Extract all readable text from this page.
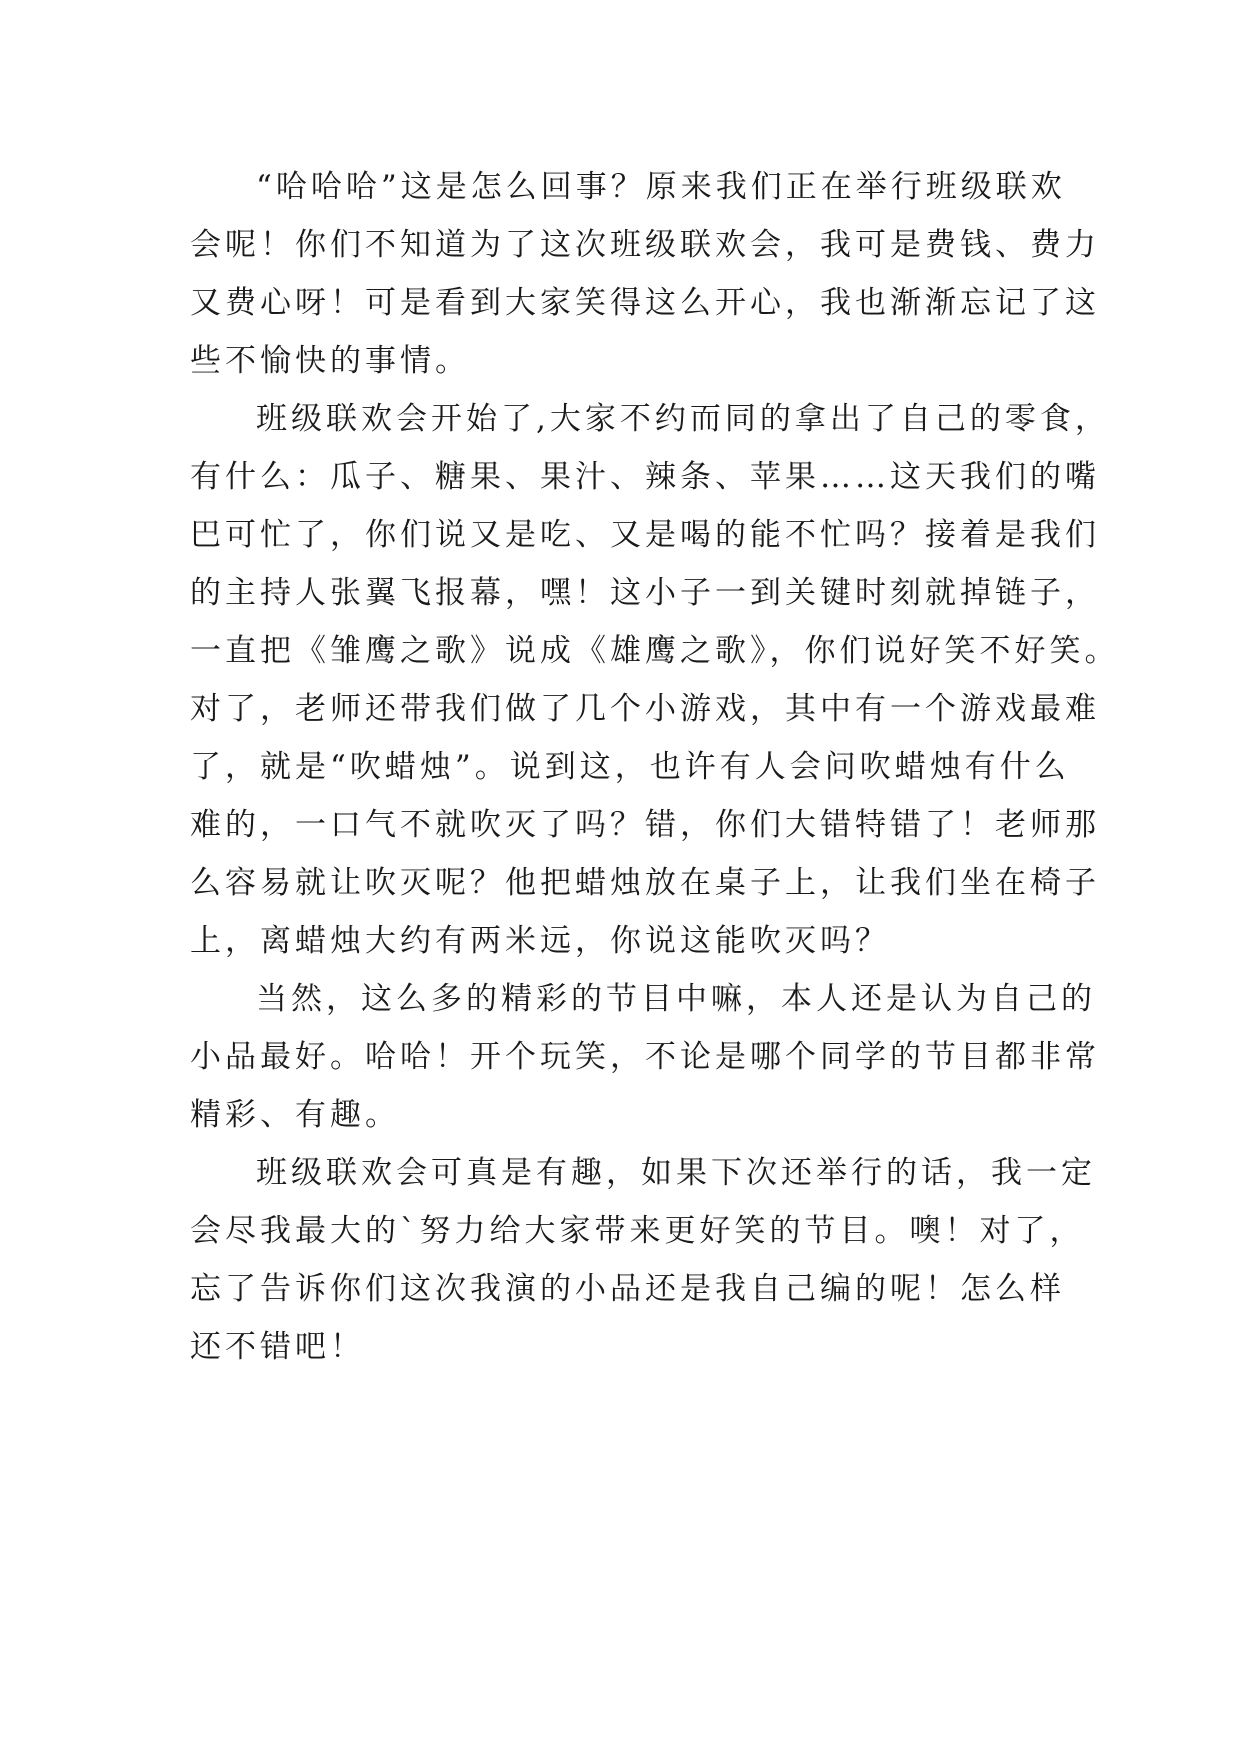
“哈哈哈”这是怎么回事？原来我们正在举行班级联欢
会呢！你们不知道为了这次班级联欢会，我可是费钱、费力
又费心呀！可是看到大家笑得这么开心，我也渐渐忘记了这
些不愉快的事情。
班级联欢会开始了,大家不约而同的拿出了自己的零食，
有什么：瓜子、糖果、果汁、辣条、苹果……这天我们的嘴
巴可忙了，你们说又是吃、又是喝的能不忙吗？接着是我们
的主持人张翼飞报幕，嘿！这小子一到关键时刻就掉链子，
一直把《雏鹰之歌》说成《雄鹰之歌》，你们说好笑不好笑。
对了，老师还带我们做了几个小游戏，其中有一个游戏最难
了，就是“吹蜡烛”。说到这，也许有人会问吹蜡烛有什么
难的，一口气不就吹灭了吗？错，你们大错特错了！老师那
么容易就让吹灭呢？他把蜡烛放在桌子上，让我们坐在椅子
上，离蜡烛大约有两米远，你说这能吹灭吗？
当然，这么多的精彩的节目中嘛，本人还是认为自己的
小品最好。哈哈！开个玩笑，不论是哪个同学的节目都非常
精彩、有趣。
班级联欢会可真是有趣，如果下次还举行的话，我一定
会尽我最大的`努力给大家带来更好笑的节目。噢！对了，
忘了告诉你们这次我演的小品还是我自己编的呢！怎么样
还不错吧！
